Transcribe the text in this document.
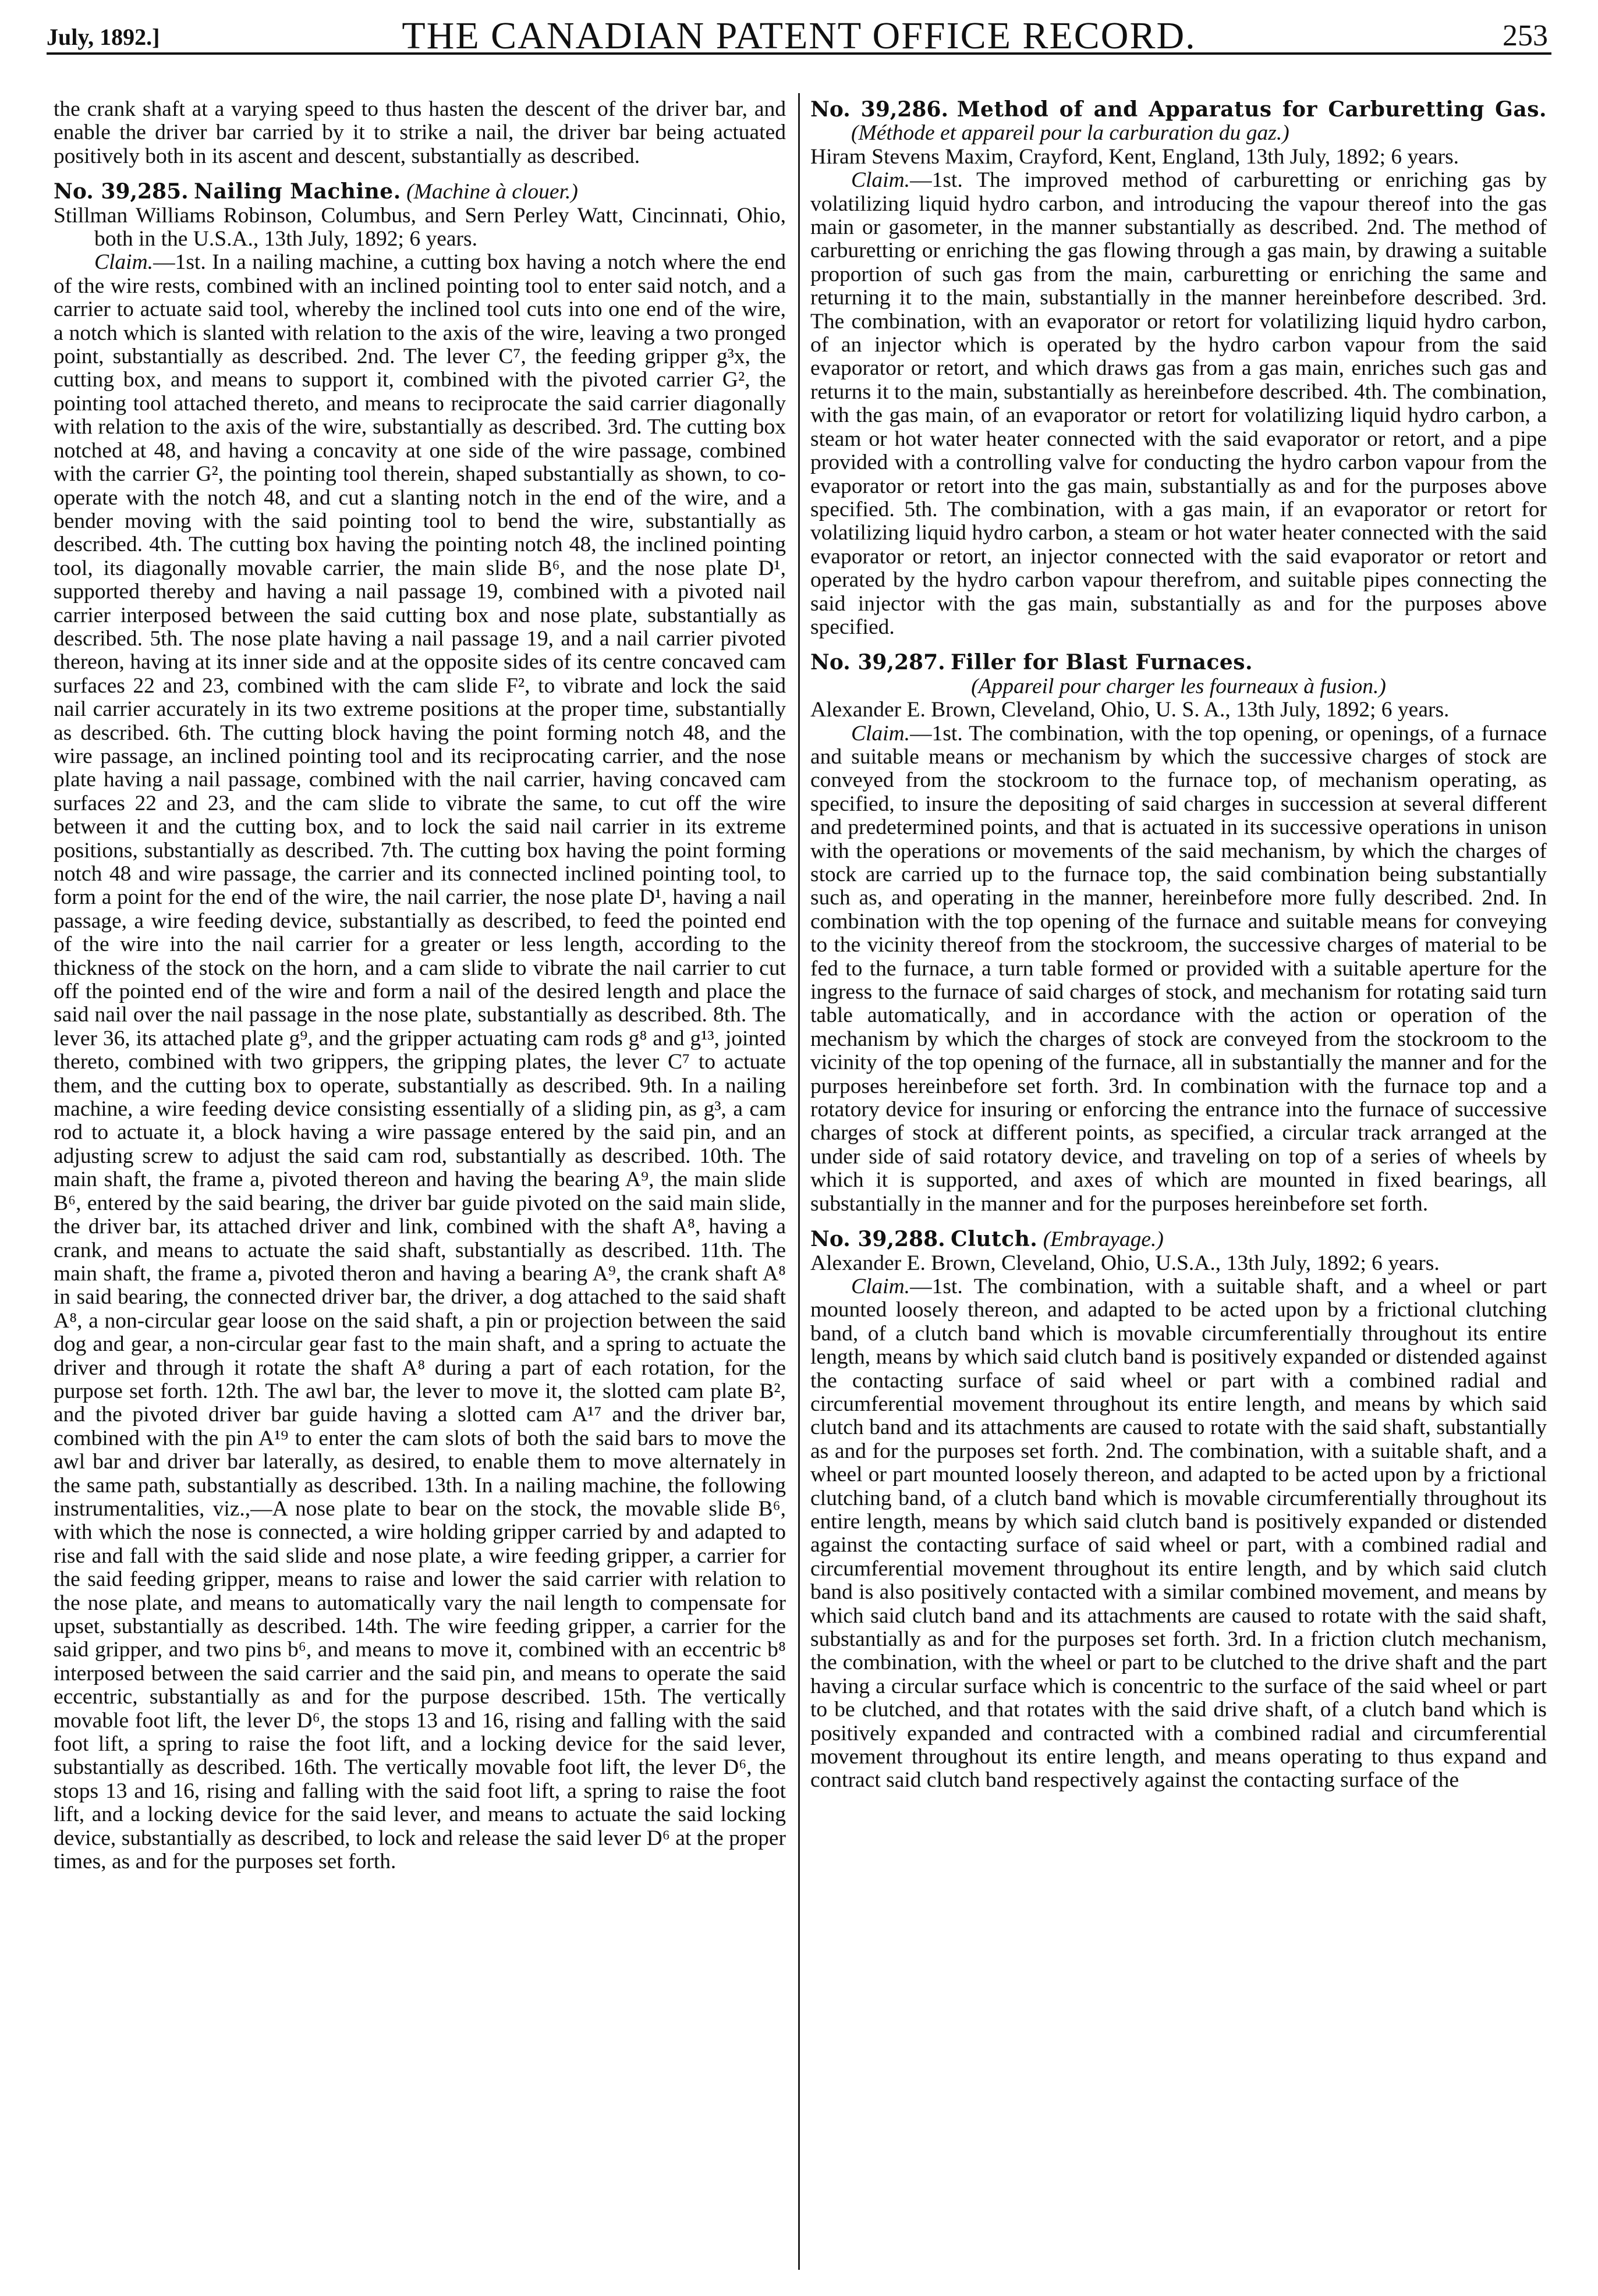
July, 1892.]	THE CANADIAN PATENT OFFICE RECORD.	253

the crank shaft at a varying speed to thus hasten the descent of the driver bar, and enable the driver bar carried by it to strike a nail, the driver bar being actuated positively both in its ascent and descent, substantially as described.

No. 39,285. Nailing Machine. (Machine à clouer.)

Stillman Williams Robinson, Columbus, and Sern Perley Watt, Cincinnati, Ohio, both in the U.S.A., 13th July, 1892; 6 years.

Claim.—1st. In a nailing machine, a cutting box having a notch where the end of the wire rests, combined with an inclined pointing tool to enter said notch, and a carrier to actuate said tool, whereby the inclined tool cuts into one end of the wire, a notch which is slanted with relation to the axis of the wire, leaving a two pronged point, substantially as described. 2nd. The lever C⁷, the feeding gripper g³x, the cutting box, and means to support it, combined with the pivoted carrier G², the pointing tool attached thereto, and means to reciprocate the said carrier diagonally with relation to the axis of the wire, substantially as described. 3rd. The cutting box notched at 48, and having a concavity at one side of the wire passage, combined with the carrier G², the pointing tool therein, shaped substantially as shown, to co-operate with the notch 48, and cut a slanting notch in the end of the wire, and a bender moving with the said pointing tool to bend the wire, substantially as described. 4th. The cutting box having the pointing notch 48, the inclined pointing tool, its diagonally movable carrier, the main slide B⁶, and the nose plate D¹, supported thereby and having a nail passage 19, combined with a pivoted nail carrier interposed between the said cutting box and nose plate, substantially as described. 5th. The nose plate having a nail passage 19, and a nail carrier pivoted thereon, having at its inner side and at the opposite sides of its centre concaved cam surfaces 22 and 23, combined with the cam slide F², to vibrate and lock the said nail carrier accurately in its two extreme positions at the proper time, substantially as described. 6th. The cutting block having the point forming notch 48, and the wire passage, an inclined pointing tool and its reciprocating carrier, and the nose plate having a nail passage, combined with the nail carrier, having concaved cam surfaces 22 and 23, and the cam slide to vibrate the same, to cut off the wire between it and the cutting box, and to lock the said nail carrier in its extreme positions, substantially as described. 7th. The cutting box having the point forming notch 48 and wire passage, the carrier and its connected inclined pointing tool, to form a point for the end of the wire, the nail carrier, the nose plate D¹, having a nail passage, a wire feeding device, substantially as described, to feed the pointed end of the wire into the nail carrier for a greater or less length, according to the thickness of the stock on the horn, and a cam slide to vibrate the nail carrier to cut off the pointed end of the wire and form a nail of the desired length and place the said nail over the nail passage in the nose plate, substantially as described. 8th. The lever 36, its attached plate g⁹, and the gripper actuating cam rods g⁸ and g¹³, jointed thereto, combined with two grippers, the gripping plates, the lever C⁷ to actuate them, and the cutting box to operate, substantially as described. 9th. In a nailing machine, a wire feeding device consisting essentially of a sliding pin, as g³, a cam rod to actuate it, a block having a wire passage entered by the said pin, and an adjusting screw to adjust the said cam rod, substantially as described. 10th. The main shaft, the frame a, pivoted thereon and having the bearing A⁹, the main slide B⁶, entered by the said bearing, the driver bar guide pivoted on the said main slide, the driver bar, its attached driver and link, combined with the shaft A⁸, having a crank, and means to actuate the said shaft, substantially as described. 11th. The main shaft, the frame a, pivoted theron and having a bearing A⁹, the crank shaft A⁸ in said bearing, the connected driver bar, the driver, a dog attached to the said shaft A⁸, a non-circular gear loose on the said shaft, a pin or projection between the said dog and gear, a non-circular gear fast to the main shaft, and a spring to actuate the driver and through it rotate the shaft A⁸ during a part of each rotation, for the purpose set forth. 12th. The awl bar, the lever to move it, the slotted cam plate B², and the pivoted driver bar guide having a slotted cam A¹⁷ and the driver bar, combined with the pin A¹⁹ to enter the cam slots of both the said bars to move the awl bar and driver bar laterally, as desired, to enable them to move alternately in the same path, substantially as described. 13th. In a nailing machine, the following instrumentalities, viz.,—A nose plate to bear on the stock, the movable slide B⁶, with which the nose is connected, a wire holding gripper carried by and adapted to rise and fall with the said slide and nose plate, a wire feeding gripper, a carrier for the said feeding gripper, means to raise and lower the said carrier with relation to the nose plate, and means to automatically vary the nail length to compensate for upset, substantially as described. 14th. The wire feeding gripper, a carrier for the said gripper, and two pins b⁶, and means to move it, combined with an eccentric b⁸ interposed between the said carrier and the said pin, and means to operate the said eccentric, substantially as and for the purpose described. 15th. The vertically movable foot lift, the lever D⁶, the stops 13 and 16, rising and falling with the said foot lift, a spring to raise the foot lift, and a locking device for the said lever, substantially as described. 16th. The vertically movable foot lift, the lever D⁶, the stops 13 and 16, rising and falling with the said foot lift, a spring to raise the foot lift, and a locking device for the said lever, and means to actuate the said locking device, substantially as described, to lock and release the said lever D⁶ at the proper times, as and for the purposes set forth.

No. 39,286. Method of and Apparatus for Carburetting Gas. (Méthode et appareil pour la carburation du gaz.)

Hiram Stevens Maxim, Crayford, Kent, England, 13th July, 1892; 6 years.

Claim.—1st. The improved method of carburetting or enriching gas by volatilizing liquid hydro carbon, and introducing the vapour thereof into the gas main or gasometer, in the manner substantially as described. 2nd. The method of carburetting or enriching the gas flowing through a gas main, by drawing a suitable proportion of such gas from the main, carburetting or enriching the same and returning it to the main, substantially in the manner hereinbefore described. 3rd. The combination, with an evaporator or retort for volatilizing liquid hydro carbon, of an injector which is operated by the hydro carbon vapour from the said evaporator or retort, and which draws gas from a gas main, enriches such gas and returns it to the main, substantially as hereinbefore described. 4th. The combination, with the gas main, of an evaporator or retort for volatilizing liquid hydro carbon, a steam or hot water heater connected with the said evaporator or retort, and a pipe provided with a controlling valve for conducting the hydro carbon vapour from the evaporator or retort into the gas main, substantially as and for the purposes above specified. 5th. The combination, with a gas main, if an evaporator or retort for volatilizing liquid hydro carbon, a steam or hot water heater connected with the said evaporator or retort, an injector connected with the said evaporator or retort and operated by the hydro carbon vapour therefrom, and suitable pipes connecting the said injector with the gas main, substantially as and for the purposes above specified.

No. 39,287. Filler for Blast Furnaces.

(Appareil pour charger les fourneaux à fusion.)

Alexander E. Brown, Cleveland, Ohio, U. S. A., 13th July, 1892; 6 years.

Claim.—1st. The combination, with the top opening, or openings, of a furnace and suitable means or mechanism by which the successive charges of stock are conveyed from the stockroom to the furnace top, of mechanism operating, as specified, to insure the depositing of said charges in succession at several different and predetermined points, and that is actuated in its successive operations in unison with the operations or movements of the said mechanism, by which the charges of stock are carried up to the furnace top, the said combination being substantially such as, and operating in the manner, hereinbefore more fully described. 2nd. In combination with the top opening of the furnace and suitable means for conveying to the vicinity thereof from the stockroom, the successive charges of material to be fed to the furnace, a turn table formed or provided with a suitable aperture for the ingress to the furnace of said charges of stock, and mechanism for rotating said turn table automatically, and in accordance with the action or operation of the mechanism by which the charges of stock are conveyed from the stockroom to the vicinity of the top opening of the furnace, all in substantially the manner and for the purposes hereinbefore set forth. 3rd. In combination with the furnace top and a rotatory device for insuring or enforcing the entrance into the furnace of successive charges of stock at different points, as specified, a circular track arranged at the under side of said rotatory device, and traveling on top of a series of wheels by which it is supported, and axes of which are mounted in fixed bearings, all substantially in the manner and for the purposes hereinbefore set forth.

No. 39,288. Clutch. (Embrayage.)

Alexander E. Brown, Cleveland, Ohio, U.S.A., 13th July, 1892; 6 years.

Claim.—1st. The combination, with a suitable shaft, and a wheel or part mounted loosely thereon, and adapted to be acted upon by a frictional clutching band, of a clutch band which is movable circumferentially throughout its entire length, means by which said clutch band is positively expanded or distended against the contacting surface of said wheel or part with a combined radial and circumferential movement throughout its entire length, and means by which said clutch band and its attachments are caused to rotate with the said shaft, substantially as and for the purposes set forth. 2nd. The combination, with a suitable shaft, and a wheel or part mounted loosely thereon, and adapted to be acted upon by a frictional clutching band, of a clutch band which is movable circumferentially throughout its entire length, means by which said clutch band is positively expanded or distended against the contacting surface of said wheel or part, with a combined radial and circumferential movement throughout its entire length, and by which said clutch band is also positively contacted with a similar combined movement, and means by which said clutch band and its attachments are caused to rotate with the said shaft, substantially as and for the purposes set forth. 3rd. In a friction clutch mechanism, the combination, with the wheel or part to be clutched to the drive shaft and the part having a circular surface which is concentric to the surface of the said wheel or part to be clutched, and that rotates with the said drive shaft, of a clutch band which is positively expanded and contracted with a combined radial and circumferential movement throughout its entire length, and means operating to thus expand and contract said clutch band respectively against the contacting surface of the
